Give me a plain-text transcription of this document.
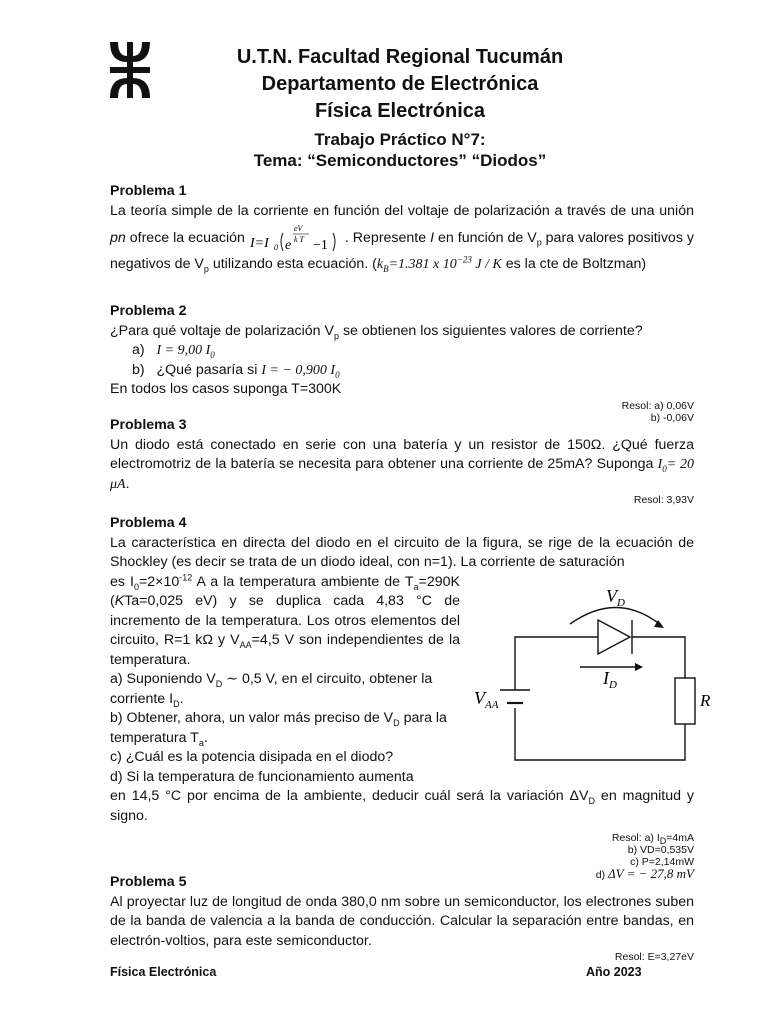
U.T.N. Facultad Regional Tucumán
Departamento de Electrónica
Física Electrónica
Trabajo Práctico N°7:
Tema: “Semiconductores” “Diodos”
Problema 1
La teoría simple de la corriente en función del voltaje de polarización a través de una unión pn ofrece la ecuación I=I 0 e
eV
k T −1 . Represente I en función de $V_p$ para valores positivos y negativos de $V_p$ utilizando esta ecuación. ($k_B=1.381$ x $10^{-23}$ J / K es la cte de Boltzman)
Problema 2
¿Para qué voltaje de polarización $V_p$ se obtienen los siguientes valores de corriente?
a) I = 9,00 $I_0$
b) ¿Qué pasaría si I = − 0,900 $I_0$
En todos los casos suponga T=300K
Resol: a) 0,06V
b) -0,06V
Problema 3
Un diodo está conectado en serie con una batería y un resistor de 150Ω. ¿Qué fuerza electromotriz de la batería se necesita para obtener una corriente de 25mA? Suponga $I_0= 20$ μA.
Resol: 3,93V
Problema 4
La característica en directa del diodo en el circuito de la figura, se rige de la ecuación de Shockley (es decir se trata de un diodo ideal, con n=1). La corriente de saturación
es $I_0=2\times 10^{-12}$ A a la temperatura ambiente de $T_a=290K$ (KTa=0,025 eV) y se duplica cada 4,83 °C de incremento de la temperatura. Los otros elementos del circuito, R=1 kΩ y $V_{AA}=4,5$ V son independientes de la temperatura.
a) Suponiendo $V_D$ ∼ 0,5 V, en el circuito, obtener la corriente $I_D$.
b) Obtener, ahora, un valor más preciso de $V_D$ para la temperatura $T_a$.
c) ¿Cuál es la potencia disipada en el diodo?
d) Si la temperatura de funcionamiento aumenta
en 14,5 °C por encima de la ambiente, deducir cuál será la variación $\Delta V_D$ en magnitud y signo.
Resol: a) $I_D=4mA$
b) VD=0,535V
c) P=2,14mW
d) ΔV = − 27,8 mV
$V_D$
$I_D$
$V_{AA}$	R
Problema 5
Al proyectar luz de longitud de onda 380,0 nm sobre un semiconductor, los electrones suben de la banda de valencia a la banda de conducción. Calcular la separación entre bandas, en electrón-voltios, para este semiconductor.
Resol: E=3,27eV
Física Electrónica	Año 2023
